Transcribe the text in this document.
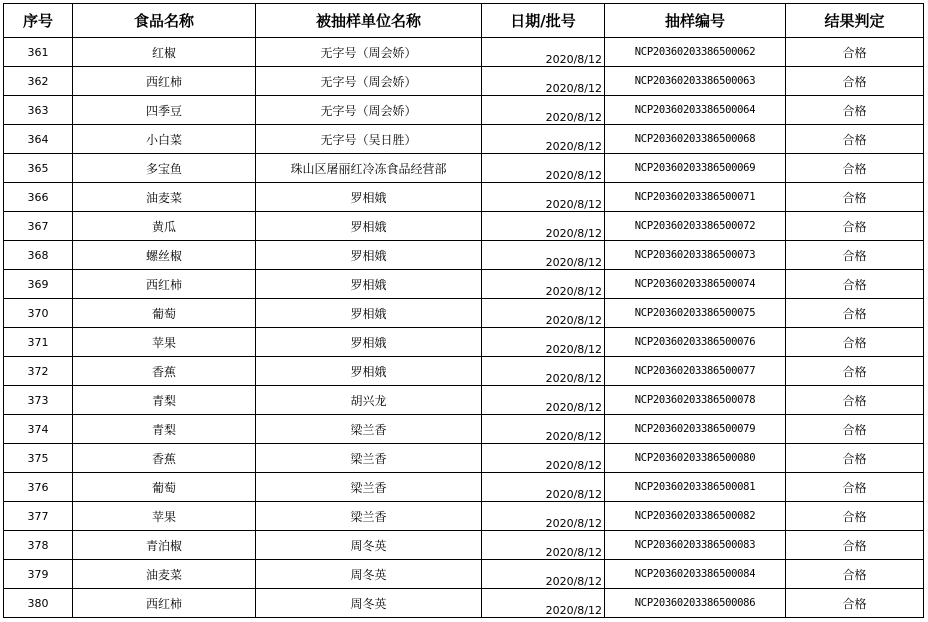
序号	食品名称	被抽样单位名称	日期/批号	抽样编号	结果判定
361	红椒	无字号（周会娇）	2020/8/12	NCP20360203386500062	合格
362	西红柿	无字号（周会娇）	2020/8/12	NCP20360203386500063	合格
363	四季豆	无字号（周会娇）	2020/8/12	NCP20360203386500064	合格
364	小白菜	无字号（吴日胜）	2020/8/12	NCP20360203386500068	合格
365	多宝鱼	珠山区屠丽红冷冻食品经营部	2020/8/12	NCP20360203386500069	合格
366	油麦菜	罗相娥	2020/8/12	NCP20360203386500071	合格
367	黄瓜	罗相娥	2020/8/12	NCP20360203386500072	合格
368	螺丝椒	罗相娥	2020/8/12	NCP20360203386500073	合格
369	西红柿	罗相娥	2020/8/12	NCP20360203386500074	合格
370	葡萄	罗相娥	2020/8/12	NCP20360203386500075	合格
371	苹果	罗相娥	2020/8/12	NCP20360203386500076	合格
372	香蕉	罗相娥	2020/8/12	NCP20360203386500077	合格
373	青梨	胡兴龙	2020/8/12	NCP20360203386500078	合格
374	青梨	梁兰香	2020/8/12	NCP20360203386500079	合格
375	香蕉	梁兰香	2020/8/12	NCP20360203386500080	合格
376	葡萄	梁兰香	2020/8/12	NCP20360203386500081	合格
377	苹果	梁兰香	2020/8/12	NCP20360203386500082	合格
378	青泊椒	周冬英	2020/8/12	NCP20360203386500083	合格
379	油麦菜	周冬英	2020/8/12	NCP20360203386500084	合格
380	西红柿	周冬英	2020/8/12	NCP20360203386500086	合格
